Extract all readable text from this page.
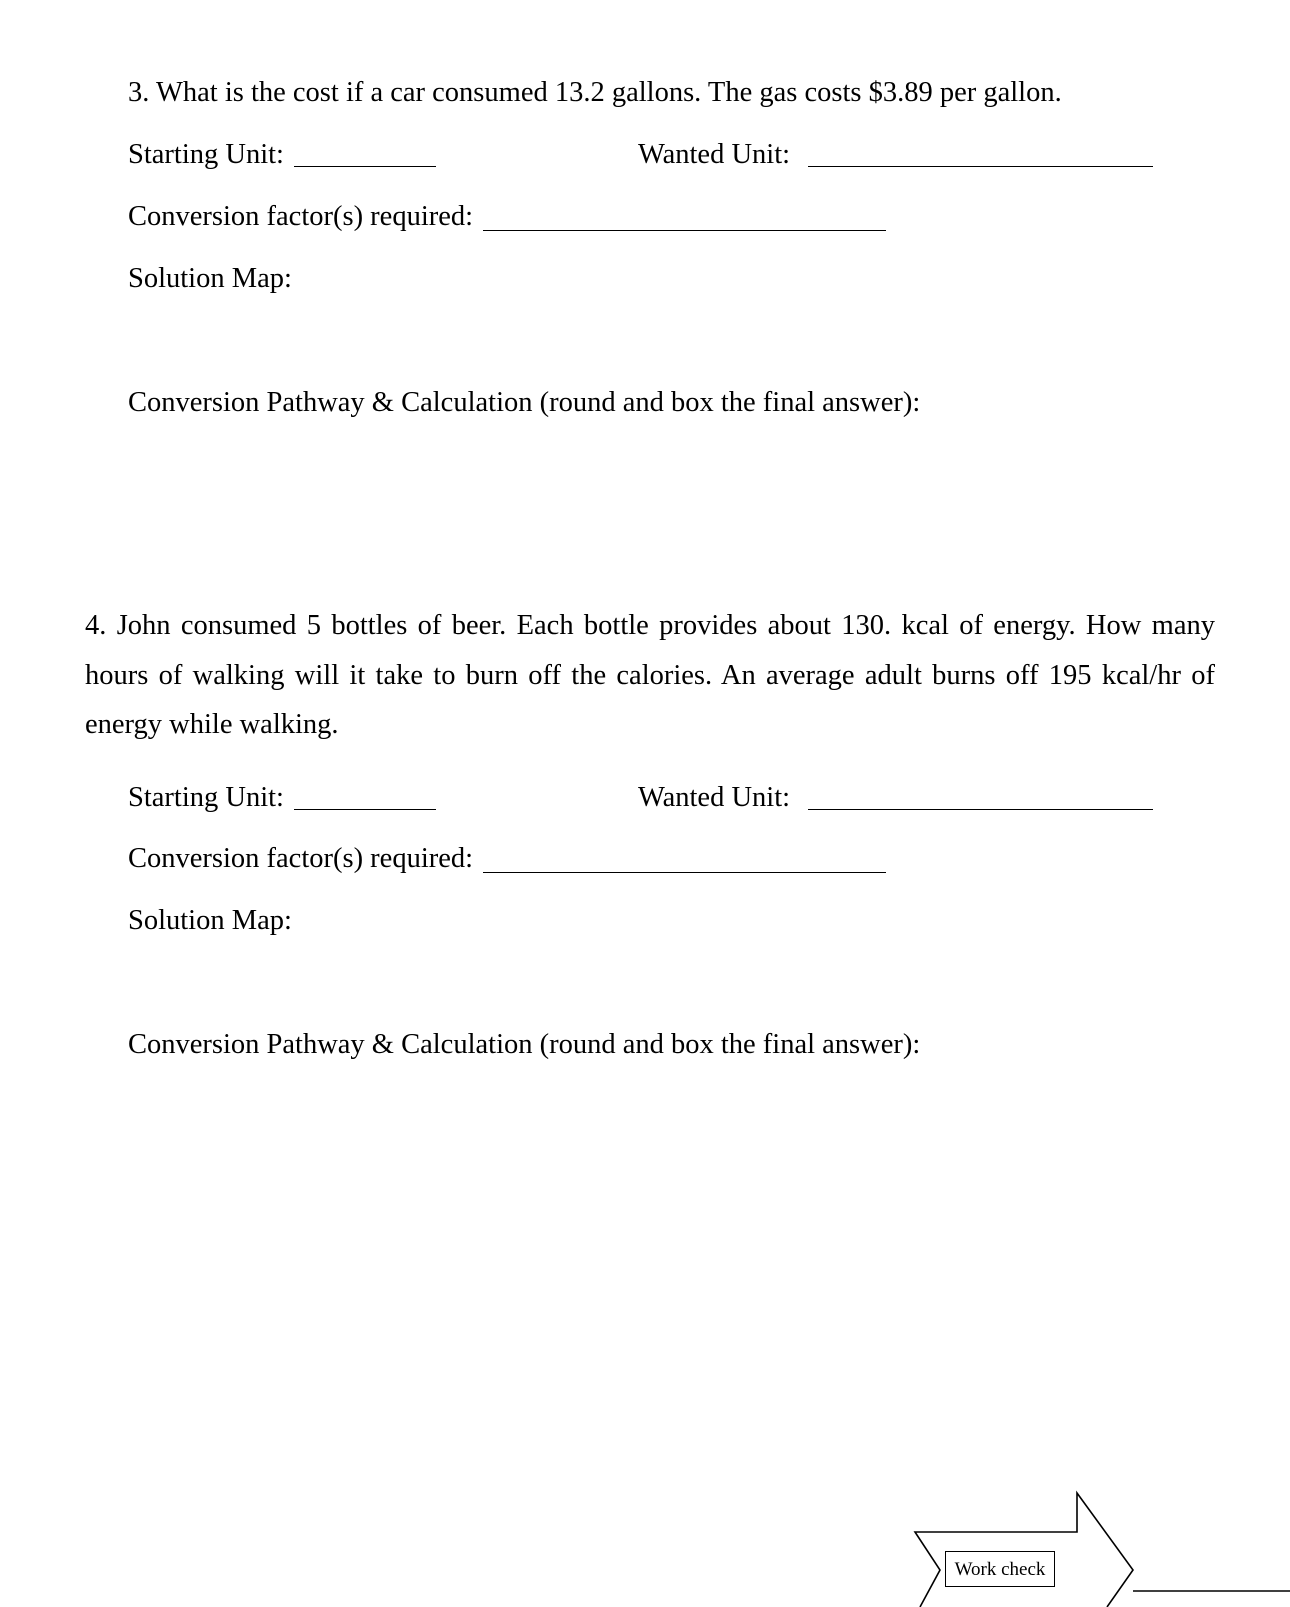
3. What is the cost if a car consumed 13.2 gallons. The gas costs $3.89 per gallon.
Starting Unit:	Wanted Unit:
Conversion factor(s) required:
Solution Map:
Conversion Pathway & Calculation (round and box the final answer):
4. John consumed 5 bottles of beer. Each bottle provides about 130. kcal of energy. How many hours of walking will it take to burn off the calories. An average adult burns off 195 kcal/hr of energy while walking.
Starting Unit:	Wanted Unit:
Conversion factor(s) required:
Solution Map:
Conversion Pathway & Calculation (round and box the final answer):
Work check
